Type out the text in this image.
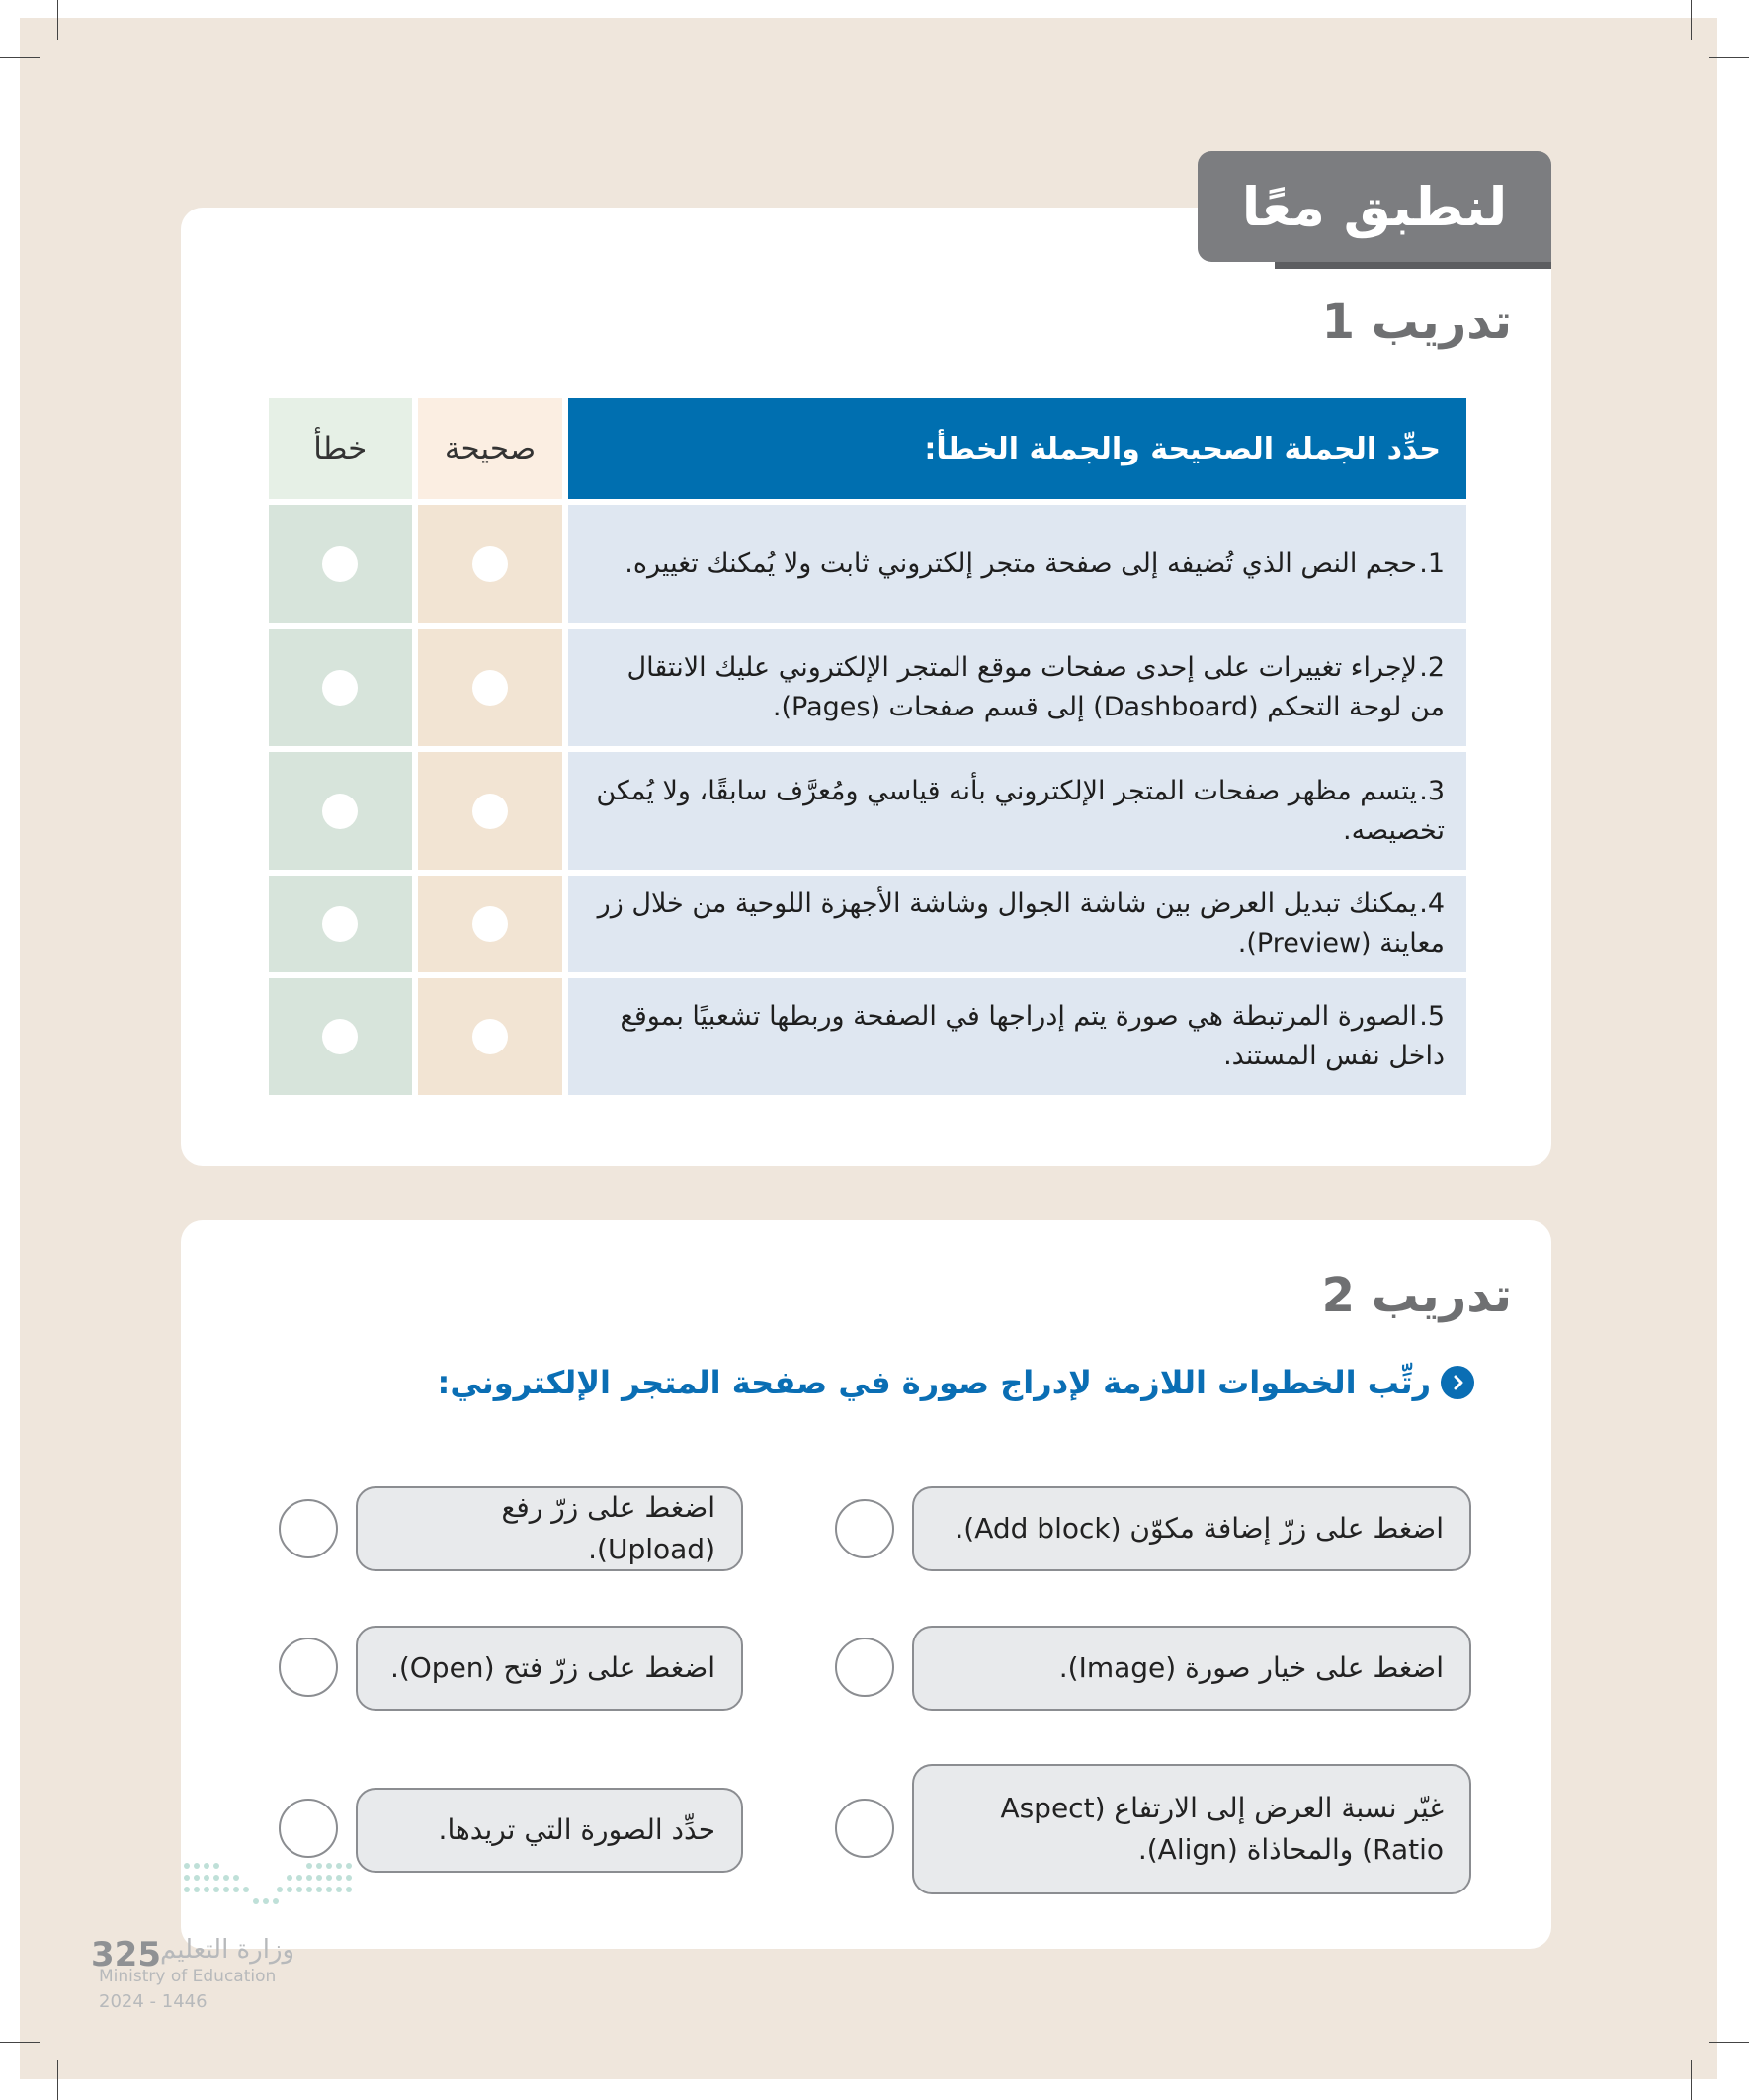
لنطبق معًا
تدريب 1
حدِّد الجملة الصحيحة والجملة الخطأ:	صحيحة	خطأ
1.حجم النص الذي تُضيفه إلى صفحة متجر إلكتروني ثابت ولا يُمكنك تغييره.	

2.لإجراء تغييرات على إحدى صفحات موقع المتجر الإلكتروني عليك الانتقال من لوحة التحكم (Dashboard) إلى قسم صفحات (Pages).	

3.يتسم مظهر صفحات المتجر الإلكتروني بأنه قياسي ومُعرَّف سابقًا، ولا يُمكن تخصيصه.	

4.يمكنك تبديل العرض بين شاشة الجوال وشاشة الأجهزة اللوحية من خلال زر معاينة (Preview).	

5.الصورة المرتبطة هي صورة يتم إدراجها في الصفحة وربطها تشعبيًا بموقع داخل نفس المستند.	

تدريب 2
رتِّب الخطوات اللازمة لإدراج صورة في صفحة المتجر الإلكتروني:
اضغط على زرّ إضافة مكوّن (Add block).
اضغط على خيار صورة (Image).
غيّر نسبة العرض إلى الارتفاع (Aspect Ratio) والمحاذاة (Align).
اضغط على زرّ رفع (Upload).
اضغط على زرّ فتح (Open).
حدِّد الصورة التي تريدها.
وزارة التعليم
325
Ministry of Education
2024 - 1446
